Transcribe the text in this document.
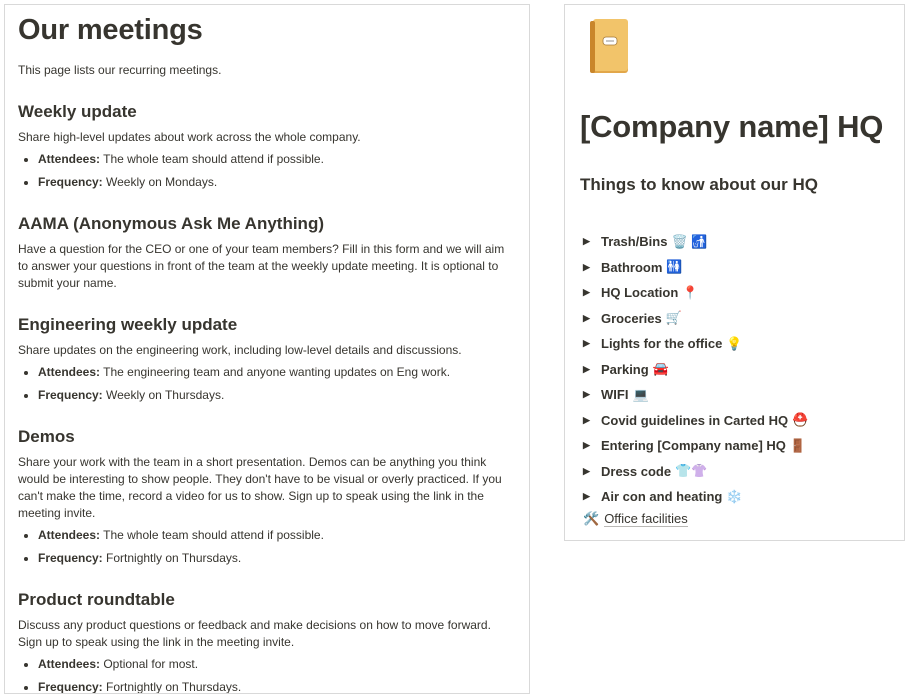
Our meetings

This page lists our recurring meetings.

Weekly update

Share high-level updates about work across the whole company.

• Attendees: The whole team should attend if possible.
• Frequency: Weekly on Mondays.
AAMA (Anonymous Ask Me Anything)

Have a question for the CEO or one of your team members? Fill in this form and we will aim to answer your questions in front of the team at the weekly update meeting. It is optional to submit your name.

Engineering weekly update

Share updates on the engineering work, including low-level details and discussions.

• Attendees: The engineering team and anyone wanting updates on Eng work.
• Frequency: Weekly on Thursdays.
Demos

Share your work with the team in a short presentation. Demos can be anything you think would be interesting to show people. They don't have to be visual or overly practiced. If you can't make the time, record a video for us to show. Sign up to speak using the link in the meeting invite.

• Attendees: The whole team should attend if possible.
• Frequency: Fortnightly on Thursdays.
Product roundtable

Discuss any product questions or feedback and make decisions on how to move forward. Sign up to speak using the link in the meeting invite.

• Attendees: Optional for most.
• Frequency: Fortnightly on Thursdays.
[Company name] HQ
Things to know about our HQ
▶ Trash/Bins 🗑️ 🚮
▶ Bathroom 🚻
▶ HQ Location 📍
▶ Groceries 🛒
▶ Lights for the office 💡
▶ Parking 🚘
▶ WIFI 💻
▶ Covid guidelines in Carted HQ ⛑️
▶ Entering [Company name] HQ 🚪
▶ Dress code 👕👚
▶ Air con and heating ❄️
🛠️ Office facilities
